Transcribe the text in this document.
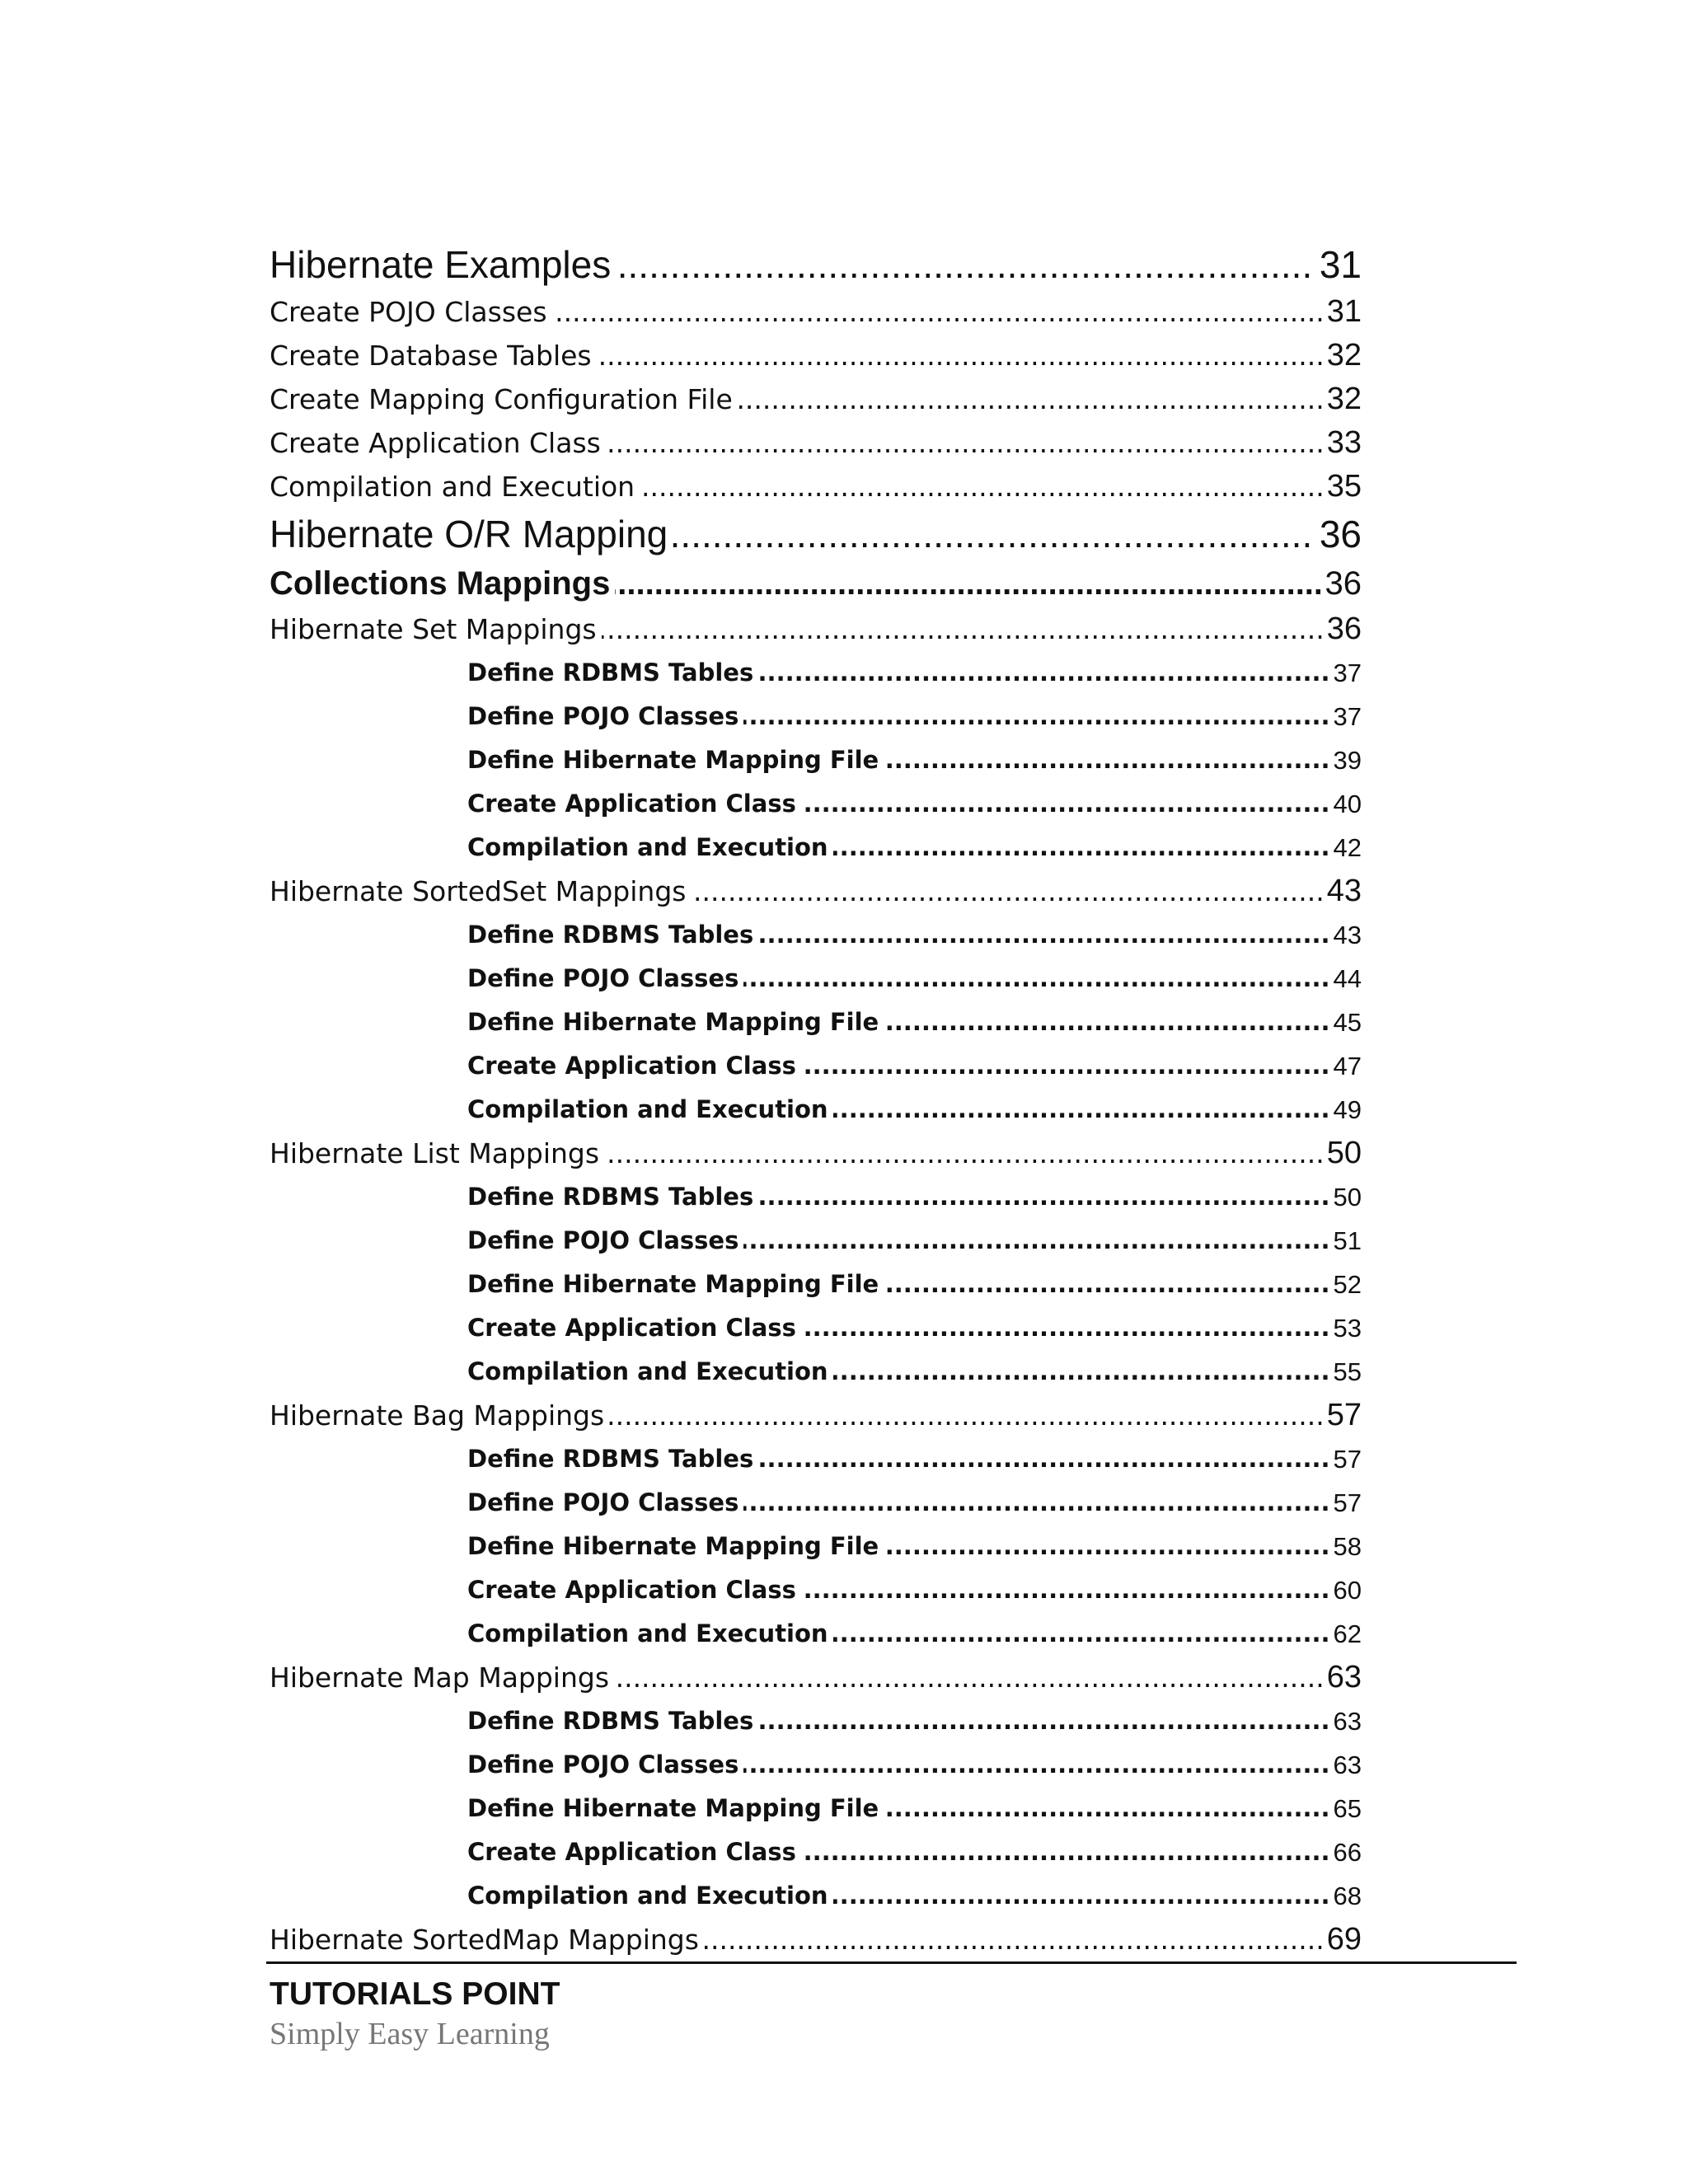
Hibernate Examples	31
.....
Create POJO Classes	31
.....
Create Database Tables	32
.....
Create Mapping Configuration File	32
.....
Create Application Class	33
.....
Compilation and Execution	35
.....
Hibernate O/R Mapping	36
.....
Collections Mappings	36
.....
Hibernate Set Mappings	36
.....
Define RDBMS Tables	37
.....
Define POJO Classes	37
.....
Define Hibernate Mapping File	39
.....
Create Application Class	40
.....
Compilation and Execution	42
.....
Hibernate SortedSet Mappings	43
.....
Define RDBMS Tables	43
.....
Define POJO Classes	44
.....
Define Hibernate Mapping File	45
.....
Create Application Class	47
.....
Compilation and Execution	49
.....
Hibernate List Mappings	50
.....
Define RDBMS Tables	50
.....
Define POJO Classes	51
.....
Define Hibernate Mapping File	52
.....
Create Application Class	53
.....
Compilation and Execution	55
.....
Hibernate Bag Mappings	57
.....
Define RDBMS Tables	57
.....
Define POJO Classes	57
.....
Define Hibernate Mapping File	58
.....
Create Application Class	60
.....
Compilation and Execution	62
.....
Hibernate Map Mappings	63
.....
Define RDBMS Tables	63
.....
Define POJO Classes	63
.....
Define Hibernate Mapping File	65
.....
Create Application Class	66
.....
Compilation and Execution	68
.....
Hibernate SortedMap Mappings	69
.....
TUTORIALS POINT
Simply Easy Learning
